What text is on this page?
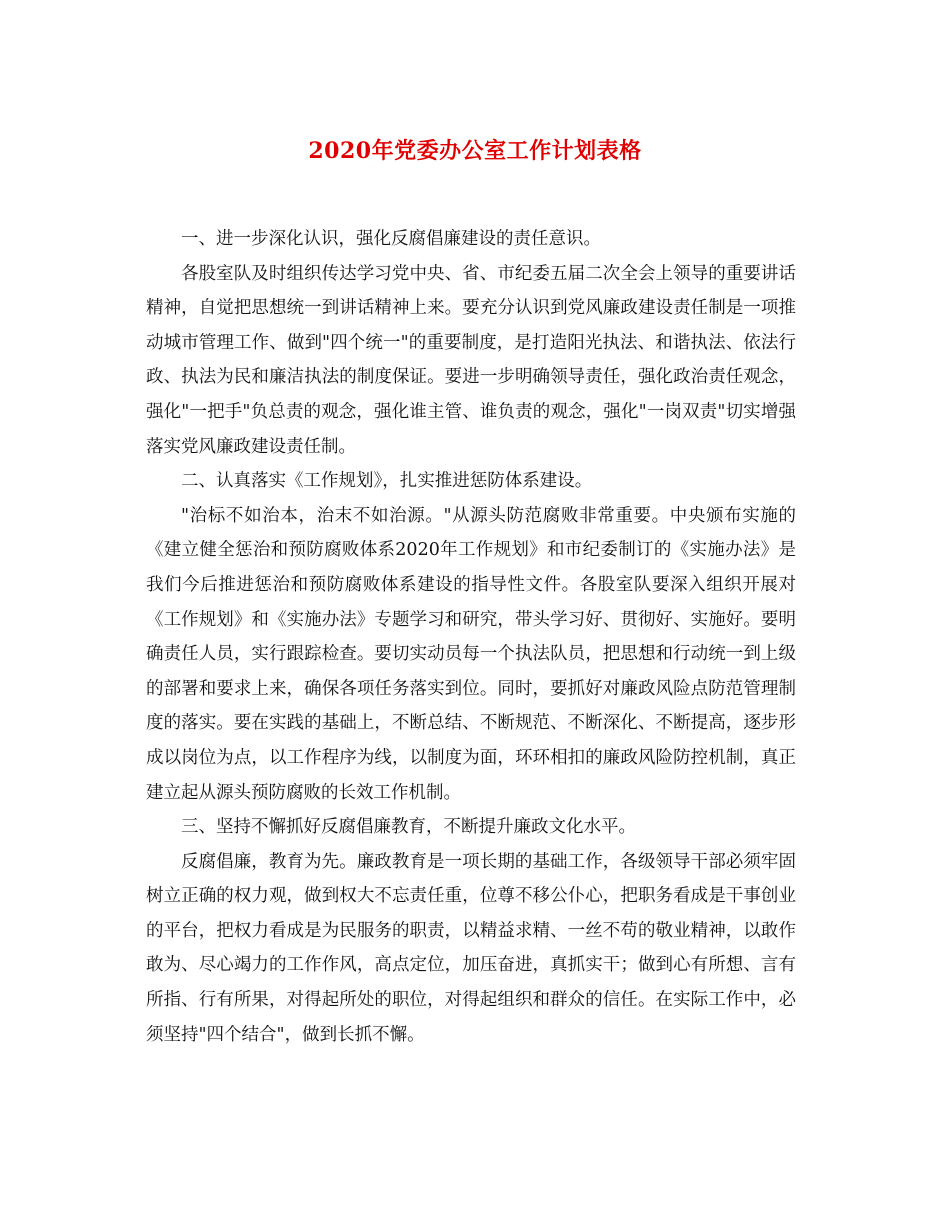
2020年党委办公室工作计划表格

一、进一步深化认识，强化反腐倡廉建设的责任意识。

各股室队及时组织传达学习党中央、省、市纪委五届二次全会上领导的重要讲话精神，自觉把思想统一到讲话精神上来。要充分认识到党风廉政建设责任制是一项推动城市管理工作、做到"四个统一"的重要制度，是打造阳光执法、和谐执法、依法行政、执法为民和廉洁执法的制度保证。要进一步明确领导责任，强化政治责任观念，强化"一把手"负总责的观念，强化谁主管、谁负责的观念，强化"一岗双责"切实增强落实党风廉政建设责任制。

二、认真落实《工作规划》，扎实推进惩防体系建设。

"治标不如治本，治末不如治源。"从源头防范腐败非常重要。中央颁布实施的《建立健全惩治和预防腐败体系2020年工作规划》和市纪委制订的《实施办法》是我们今后推进惩治和预防腐败体系建设的指导性文件。各股室队要深入组织开展对《工作规划》和《实施办法》专题学习和研究，带头学习好、贯彻好、实施好。要明确责任人员，实行跟踪检查。要切实动员每一个执法队员，把思想和行动统一到上级的部署和要求上来，确保各项任务落实到位。同时，要抓好对廉政风险点防范管理制度的落实。要在实践的基础上，不断总结、不断规范、不断深化、不断提高，逐步形成以岗位为点，以工作程序为线，以制度为面，环环相扣的廉政风险防控机制，真正建立起从源头预防腐败的长效工作机制。

三、坚持不懈抓好反腐倡廉教育，不断提升廉政文化水平。

反腐倡廉，教育为先。廉政教育是一项长期的基础工作，各级领导干部必须牢固树立正确的权力观，做到权大不忘责任重，位尊不移公仆心，把职务看成是干事创业的平台，把权力看成是为民服务的职责，以精益求精、一丝不苟的敬业精神，以敢作敢为、尽心竭力的工作作风，高点定位，加压奋进，真抓实干；做到心有所想、言有所指、行有所果，对得起所处的职位，对得起组织和群众的信任。在实际工作中，必须坚持"四个结合"，做到长抓不懈。
